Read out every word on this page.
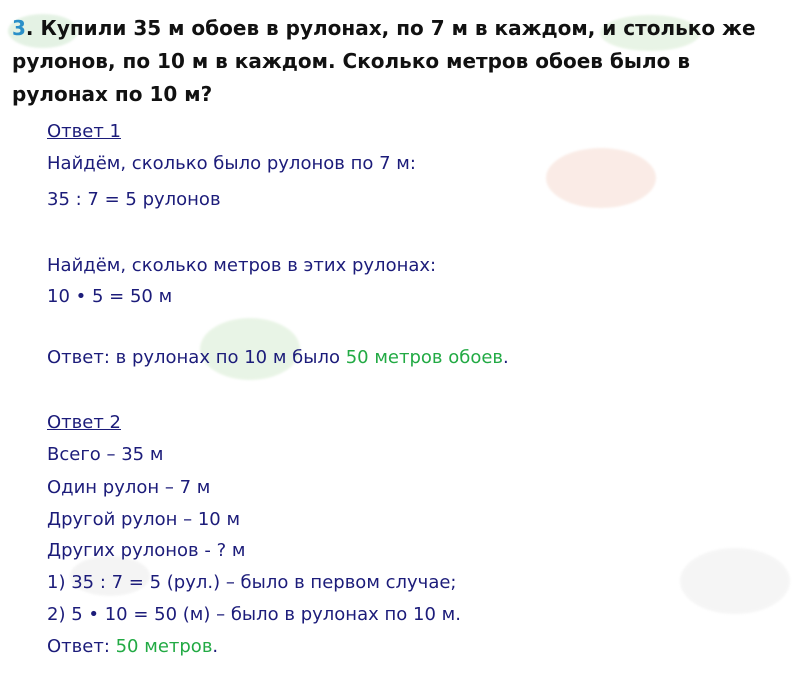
3. Купили 35 м обоев в рулонах, по 7 м в каждом, и столько же рулонов, по 10 м в каждом. Сколько метров обоев было в рулонах по 10 м?
Ответ 1
Найдём, сколько было рулонов по 7 м:
35 : 7 = 5 рулонов
Найдём, сколько метров в этих рулонах:
10 • 5 = 50 м
Ответ: в рулонах по 10 м было 50 метров обоев.
Ответ 2
Всего – 35 м
Один рулон – 7 м
Другой рулон – 10 м
Других рулонов - ? м
1) 35 : 7 = 5 (рул.) – было в первом случае;
2) 5 • 10 = 50 (м) – было в рулонах по 10 м.
Ответ: 50 метров.
